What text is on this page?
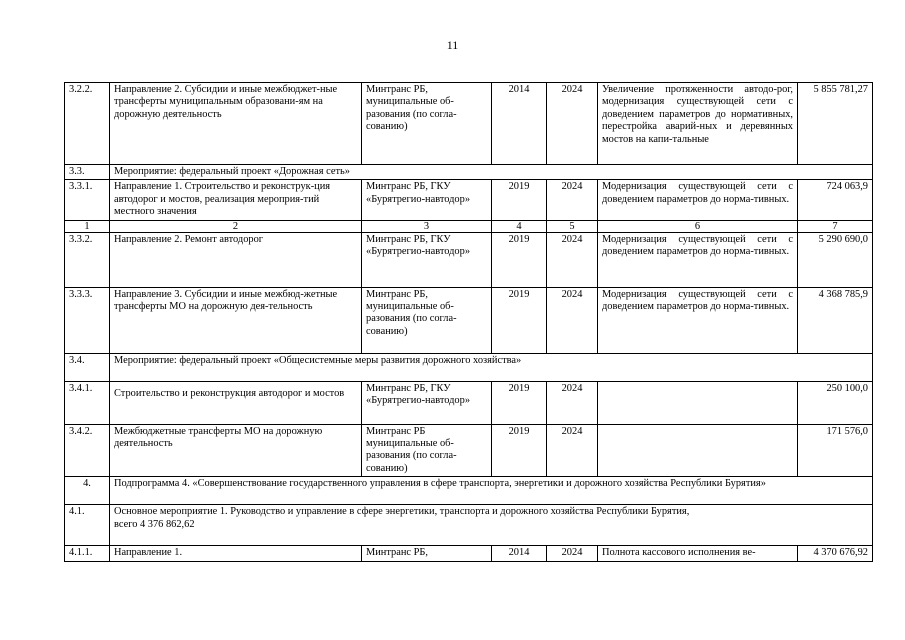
11
3.2.2.	Направление 2. Субсидии и иные межбюджет-ные трансферты муниципальным образовани-ям на дорожную деятельность	Минтранс РБ, муниципальные об-разования (по согла-сованию)	2014	2024	Увеличение протяженности автодо-рог, модернизация существующей сети с доведением параметров до нормативных, перестройка аварий-ных и деревянных мостов на капи-тальные	5 855 781,27
3.3.	Мероприятие: федеральный проект «Дорожная сеть»					
3.3.1.	Направление 1. Строительство и реконструк-ция автодорог и мостов, реализация мероприя-тий местного значения	Минтранс РБ, ГКУ «Бурятрегио-навтодор»	2019	2024	Модернизация существующей сети с доведением параметров до норма-тивных.	724 063,9
1	2	3	4	5	6	7
3.3.2.	Направление 2. Ремонт автодорог	Минтранс РБ, ГКУ «Бурятрегио-навтодор»	2019	2024	Модернизация существующей сети с доведением параметров до норма-тивных.	5 290 690,0
3.3.3.	Направление 3. Субсидии и иные межбюд-жетные трансферты МО на дорожную дея-тельность	Минтранс РБ, муниципальные об-разования (по согла-сованию)	2019	2024	Модернизация существующей сети с доведением параметров до норма-тивных.	4 368 785,9
3.4.	Мероприятие: федеральный проект «Общесистемные меры развития дорожного хозяйства»					
3.4.1.	Строительство и реконструкция автодорог и мостов	Минтранс РБ, ГКУ «Бурятрегио-навтодор»	2019	2024		250 100,0
3.4.2.	Межбюджетные трансферты МО на дорожную деятельность	Минтранс РБ муниципальные об-разования (по согла-сованию)	2019	2024		171 576,0
4.	Подпрограмма 4. «Совершенствование государственного управления в сфере транспорта, энергетики и дорожного хозяйства Республики Бурятия»					
4.1.	Основное мероприятие 1. Руководство и управление в сфере энергетики, транспорта и дорожного хозяйства Республики Бурятия,
всего 4 376 862,62					

4.1.1.	Направление 1.	Минтранс РБ,	2014	2024	Полнота кассового исполнения ве-	4 370 676,92
